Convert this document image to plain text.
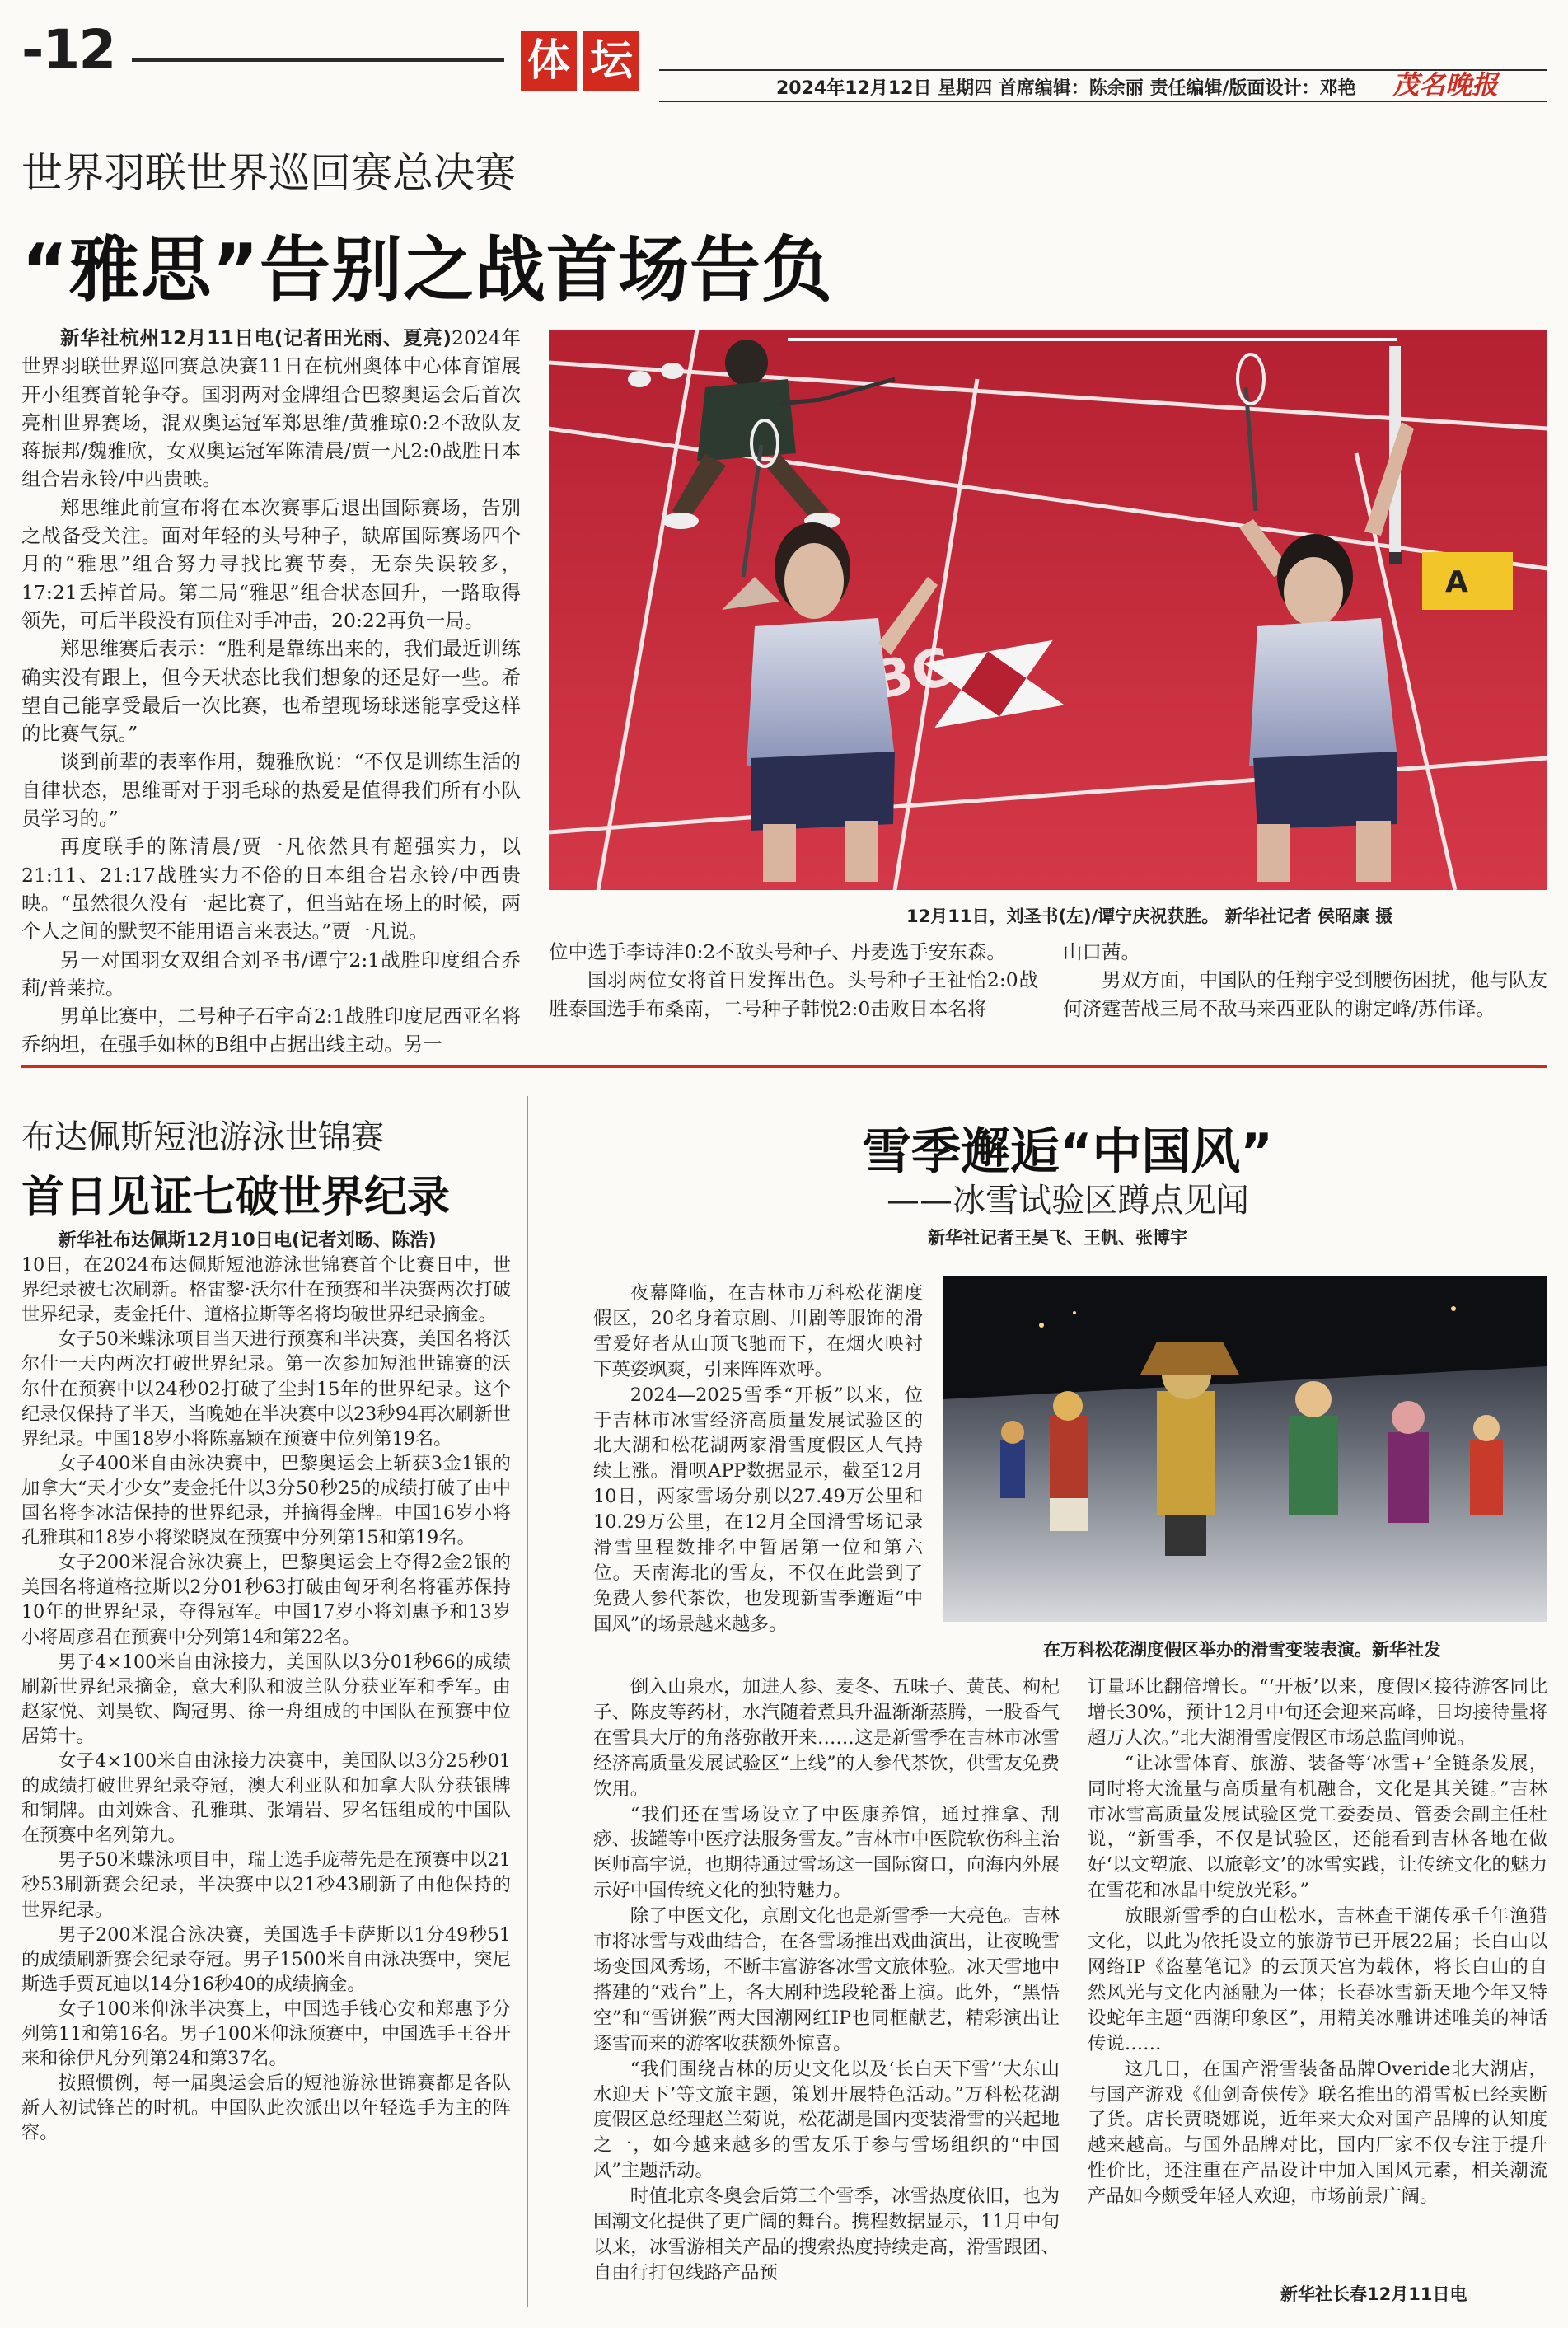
-12	体 坛
2024年12月12日 星期四 首席编辑：陈余丽 责任编辑/版面设计：邓艳 茂名晚报
世界羽联世界巡回赛总决赛
“雅思”告别之战首场告负

新华社杭州12月11日电(记者田光雨、夏亮)2024年世界羽联世界巡回赛总决赛11日在杭州奥体中心体育馆展开小组赛首轮争夺。国羽两对金牌组合巴黎奥运会后首次亮相世界赛场，混双奥运冠军郑思维/黄雅琼0:2不敌队友蒋振邦/魏雅欣，女双奥运冠军陈清晨/贾一凡2:0战胜日本组合岩永铃/中西贵映。

郑思维此前宣布将在本次赛事后退出国际赛场，告别之战备受关注。面对年轻的头号种子，缺席国际赛场四个月的“雅思”组合努力寻找比赛节奏，无奈失误较多，17:21丢掉首局。第二局“雅思”组合状态回升，一路取得领先，可后半段没有顶住对手冲击，20:22再负一局。

郑思维赛后表示：“胜利是靠练出来的，我们最近训练确实没有跟上，但今天状态比我们想象的还是好一些。希望自己能享受最后一次比赛，也希望现场球迷能享受这样的比赛气氛。”

谈到前辈的表率作用，魏雅欣说：“不仅是训练生活的自律状态，思维哥对于羽毛球的热爱是值得我们所有小队员学习的。”

再度联手的陈清晨/贾一凡依然具有超强实力，以21:11、21:17战胜实力不俗的日本组合岩永铃/中西贵映。“虽然很久没有一起比赛了，但当站在场上的时候，两个人之间的默契不能用语言来表达。”贾一凡说。

另一对国羽女双组合刘圣书/谭宁2:1战胜印度组合乔莉/普莱拉。

男单比赛中，二号种子石宇奇2:1战胜印度尼西亚名将乔纳坦，在强手如林的B组中占据出线主动。另一

A
12月11日，刘圣书(左)/谭宁庆祝获胜。 新华社记者 侯昭康 摄

位中选手李诗沣0:2不敌头号种子、丹麦选手安东森。

国羽两位女将首日发挥出色。头号种子王祉怡2:0战胜泰国选手布桑南，二号种子韩悦2:0击败日本名将

山口茜。

男双方面，中国队的任翔宇受到腰伤困扰，他与队友何济霆苦战三局不敌马来西亚队的谢定峰/苏伟译。

布达佩斯短池游泳世锦赛
首日见证七破世界纪录

新华社布达佩斯12月10日电(记者刘旸、陈浩)

10日，在2024布达佩斯短池游泳世锦赛首个比赛日中，世界纪录被七次刷新。格雷黎·沃尔什在预赛和半决赛两次打破世界纪录，麦金托什、道格拉斯等名将均破世界纪录摘金。

女子50米蝶泳项目当天进行预赛和半决赛，美国名将沃尔什一天内两次打破世界纪录。第一次参加短池世锦赛的沃尔什在预赛中以24秒02打破了尘封15年的世界纪录。这个纪录仅保持了半天，当晚她在半决赛中以23秒94再次刷新世界纪录。中国18岁小将陈嘉颖在预赛中位列第19名。

女子400米自由泳决赛中，巴黎奥运会上斩获3金1银的加拿大“天才少女”麦金托什以3分50秒25的成绩打破了由中国名将李冰洁保持的世界纪录，并摘得金牌。中国16岁小将孔雅琪和18岁小将梁晓岚在预赛中分列第15和第19名。

女子200米混合泳决赛上，巴黎奥运会上夺得2金2银的美国名将道格拉斯以2分01秒63打破由匈牙利名将霍苏保持10年的世界纪录，夺得冠军。中国17岁小将刘惠予和13岁小将周彦君在预赛中分列第14和第22名。

男子4×100米自由泳接力，美国队以3分01秒66的成绩刷新世界纪录摘金，意大利队和波兰队分获亚军和季军。由赵家悦、刘昊钦、陶冠男、徐一舟组成的中国队在预赛中位居第十。

女子4×100米自由泳接力决赛中，美国队以3分25秒01的成绩打破世界纪录夺冠，澳大利亚队和加拿大队分获银牌和铜牌。由刘姝含、孔雅琪、张靖岩、罗名钰组成的中国队在预赛中名列第九。

男子50米蝶泳项目中，瑞士选手庞蒂先是在预赛中以21秒53刷新赛会纪录，半决赛中以21秒43刷新了由他保持的世界纪录。

男子200米混合泳决赛，美国选手卡萨斯以1分49秒51的成绩刷新赛会纪录夺冠。男子1500米自由泳决赛中，突尼斯选手贾瓦迪以14分16秒40的成绩摘金。

女子100米仰泳半决赛上，中国选手钱心安和郑惠予分列第11和第16名。男子100米仰泳预赛中，中国选手王谷开来和徐伊凡分列第24和第37名。

按照惯例，每一届奥运会后的短池游泳世锦赛都是各队新人初试锋芒的时机。中国队此次派出以年轻选手为主的阵容。

雪季邂逅“中国风”
——冰雪试验区蹲点见闻
新华社记者王昊飞、王帆、张博宇
在万科松花湖度假区举办的滑雪变装表演。新华社发

夜幕降临，在吉林市万科松花湖度假区，20名身着京剧、川剧等服饰的滑雪爱好者从山顶飞驰而下，在烟火映衬下英姿飒爽，引来阵阵欢呼。

2024—2025雪季“开板”以来，位于吉林市冰雪经济高质量发展试验区的北大湖和松花湖两家滑雪度假区人气持续上涨。滑呗APP数据显示，截至12月10日，两家雪场分别以27.49万公里和10.29万公里，在12月全国滑雪场记录滑雪里程数排名中暂居第一位和第六位。天南海北的雪友，不仅在此尝到了免费人参代茶饮，也发现新雪季邂逅“中国风”的场景越来越多。

倒入山泉水，加进人参、麦冬、五味子、黄芪、枸杞子、陈皮等药材，水汽随着煮具升温渐渐蒸腾，一股香气在雪具大厅的角落弥散开来……这是新雪季在吉林市冰雪经济高质量发展试验区“上线”的人参代茶饮，供雪友免费饮用。

“我们还在雪场设立了中医康养馆，通过推拿、刮痧、拔罐等中医疗法服务雪友。”吉林市中医院软伤科主治医师高宇说，也期待通过雪场这一国际窗口，向海内外展示好中国传统文化的独特魅力。

除了中医文化，京剧文化也是新雪季一大亮色。吉林市将冰雪与戏曲结合，在各雪场推出戏曲演出，让夜晚雪场变国风秀场，不断丰富游客冰雪文旅体验。冰天雪地中搭建的“戏台”上，各大剧种选段轮番上演。此外，“黑悟空”和“雪饼猴”两大国潮网红IP也同框献艺，精彩演出让逐雪而来的游客收获额外惊喜。

“我们围绕吉林的历史文化以及‘长白天下雪’‘大东山水迎天下’等文旅主题，策划开展特色活动。”万科松花湖度假区总经理赵兰菊说，松花湖是国内变装滑雪的兴起地之一，如今越来越多的雪友乐于参与雪场组织的“中国风”主题活动。

时值北京冬奥会后第三个雪季，冰雪热度依旧，也为国潮文化提供了更广阔的舞台。携程数据显示，11月中旬以来，冰雪游相关产品的搜索热度持续走高，滑雪跟团、自由行打包线路产品预

订量环比翻倍增长。“‘开板’以来，度假区接待游客同比增长30%，预计12月中旬还会迎来高峰，日均接待量将超万人次。”北大湖滑雪度假区市场总监闫帅说。

“让冰雪体育、旅游、装备等‘冰雪+’全链条发展，同时将大流量与高质量有机融合，文化是其关键。”吉林市冰雪高质量发展试验区党工委委员、管委会副主任杜说，“新雪季，不仅是试验区，还能看到吉林各地在做好‘以文塑旅、以旅彰文’的冰雪实践，让传统文化的魅力在雪花和冰晶中绽放光彩。”

放眼新雪季的白山松水，吉林查干湖传承千年渔猎文化，以此为依托设立的旅游节已开展22届；长白山以网络IP《盗墓笔记》的云顶天宫为载体，将长白山的自然风光与文化内涵融为一体；长春冰雪新天地今年又特设蛇年主题“西湖印象区”，用精美冰雕讲述唯美的神话传说……

这几日，在国产滑雪装备品牌Overide北大湖店，与国产游戏《仙剑奇侠传》联名推出的滑雪板已经卖断了货。店长贾晓娜说，近年来大众对国产品牌的认知度越来越高。与国外品牌对比，国内厂家不仅专注于提升性价比，还注重在产品设计中加入国风元素，相关潮流产品如今颇受年轻人欢迎，市场前景广阔。

新华社长春12月11日电
